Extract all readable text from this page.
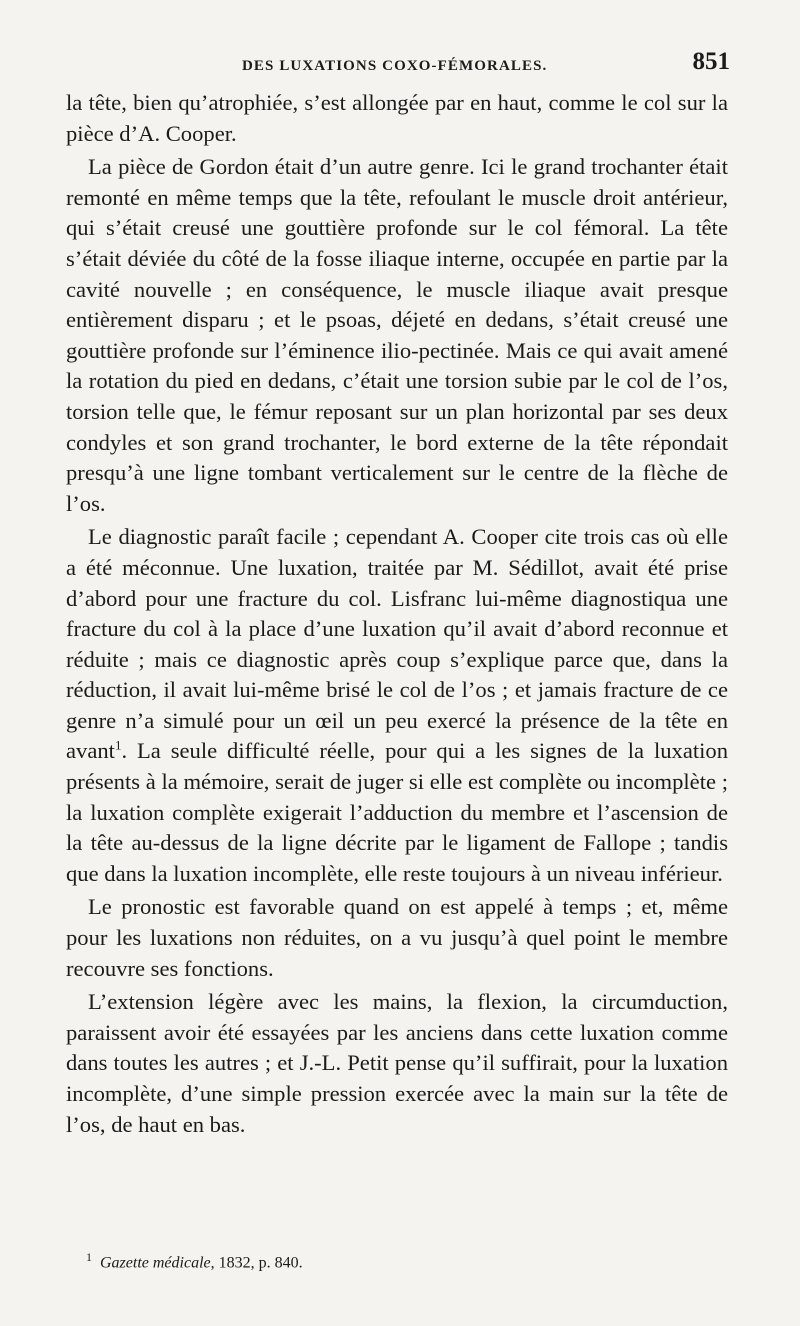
DES LUXATIONS COXO-FÉMORALES.	851

la tête, bien qu’atrophiée, s’est allongée par en haut, comme le col sur la pièce d’A. Cooper.

La pièce de Gordon était d’un autre genre. Ici le grand trochanter était remonté en même temps que la tête, refoulant le muscle droit antérieur, qui s’était creusé une gouttière profonde sur le col fémoral. La tête s’était déviée du côté de la fosse iliaque interne, occupée en partie par la cavité nouvelle ; en conséquence, le muscle iliaque avait presque entièrement disparu ; et le psoas, déjeté en dedans, s’était creusé une gouttière profonde sur l’éminence ilio-pectinée. Mais ce qui avait amené la rotation du pied en dedans, c’était une torsion subie par le col de l’os, torsion telle que, le fémur reposant sur un plan horizontal par ses deux condyles et son grand trochanter, le bord externe de la tête répondait presqu’à une ligne tombant verticalement sur le centre de la flèche de l’os.

Le diagnostic paraît facile ; cependant A. Cooper cite trois cas où elle a été méconnue. Une luxation, traitée par M. Sédillot, avait été prise d’abord pour une fracture du col. Lisfranc lui-même diagnostiqua une fracture du col à la place d’une luxation qu’il avait d’abord reconnue et réduite ; mais ce diagnostic après coup s’explique parce que, dans la réduction, il avait lui-même brisé le col de l’os ; et jamais fracture de ce genre n’a simulé pour un œil un peu exercé la présence de la tête en avant$^1$. La seule difficulté réelle, pour qui a les signes de la luxation présents à la mémoire, serait de juger si elle est complète ou incomplète ; la luxation complète exigerait l’adduction du membre et l’ascension de la tête au-dessus de la ligne décrite par le ligament de Fallope ; tandis que dans la luxation incomplète, elle reste toujours à un niveau inférieur.

Le pronostic est favorable quand on est appelé à temps ; et, même pour les luxations non réduites, on a vu jusqu’à quel point le membre recouvre ses fonctions.

L’extension légère avec les mains, la flexion, la circumduction, paraissent avoir été essayées par les anciens dans cette luxation comme dans toutes les autres ; et J.-L. Petit pense qu’il suffirait, pour la luxation incomplète, d’une simple pression exercée avec la main sur la tête de l’os, de haut en bas.

$^1$ Gazette médicale, 1832, p. 840.
